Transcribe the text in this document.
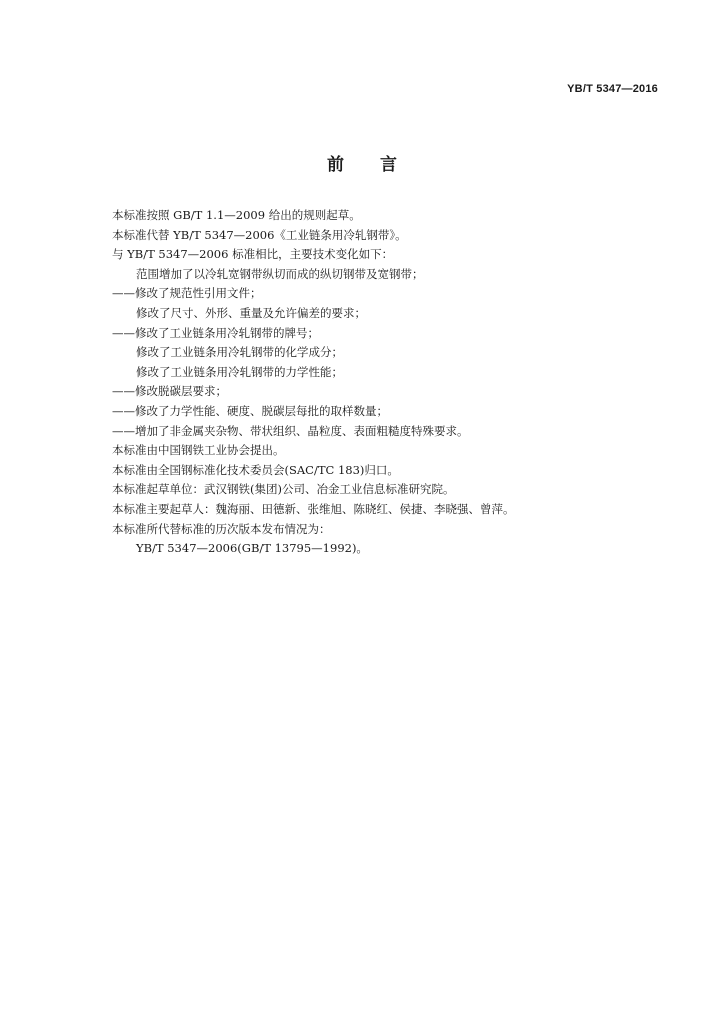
YB/T 5347—2016
前 言
本标准按照 GB/T 1.1—2009 给出的规则起草。
本标准代替 YB/T 5347—2006《工业链条用冷轧钢带》。
与 YB/T 5347—2006 标准相比，主要技术变化如下：
范围增加了以冷轧宽钢带纵切而成的纵切钢带及宽钢带；
——修改了规范性引用文件；
修改了尺寸、外形、重量及允许偏差的要求；
——修改了工业链条用冷轧钢带的牌号；
修改了工业链条用冷轧钢带的化学成分；
修改了工业链条用冷轧钢带的力学性能；
——修改脱碳层要求；
——修改了力学性能、硬度、脱碳层每批的取样数量；
——增加了非金属夹杂物、带状组织、晶粒度、表面粗糙度特殊要求。
本标准由中国钢铁工业协会提出。
本标准由全国钢标准化技术委员会(SAC/TC 183)归口。
本标准起草单位：武汉钢铁(集团)公司、冶金工业信息标准研究院。
本标准主要起草人：魏海丽、田德新、张维旭、陈晓红、侯捷、李晓强、曾萍。
本标准所代替标准的历次版本发布情况为：
YB/T 5347—2006(GB/T 13795—1992)。
